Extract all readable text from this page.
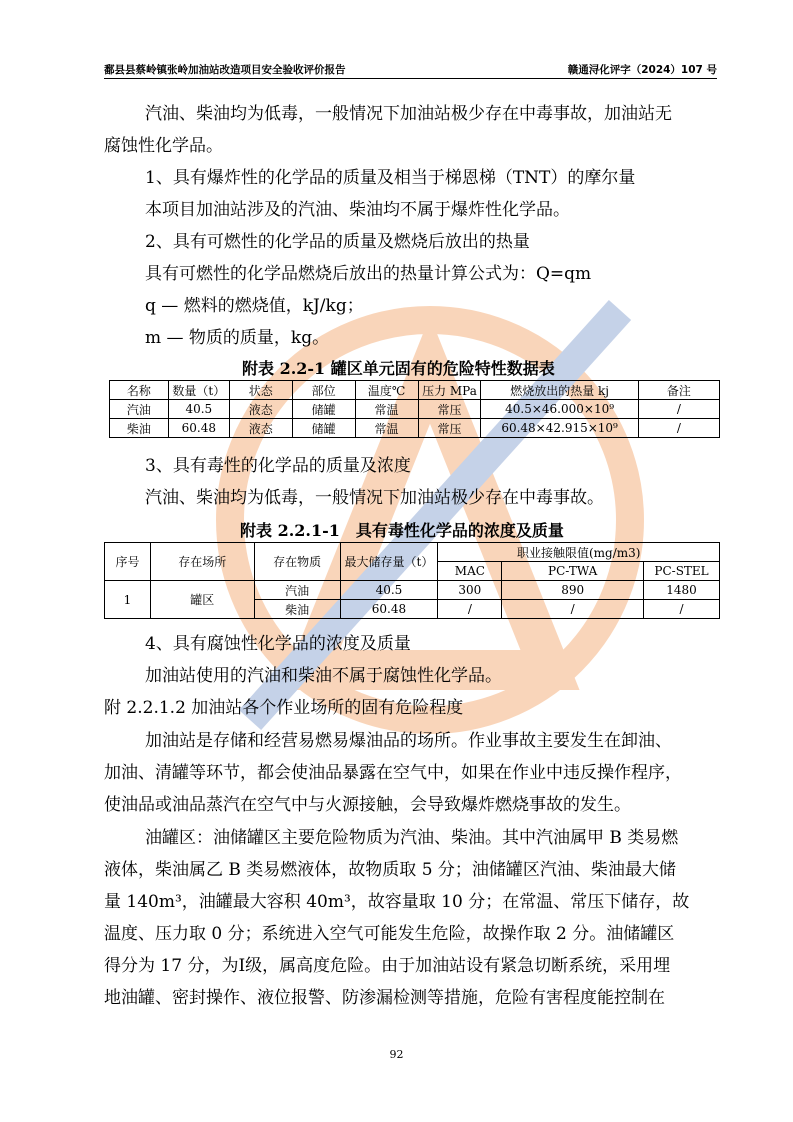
鄱县县蔡岭镇张岭加油站改造项目安全验收评价报告	赣通浔化评字（2024）107 号
汽油、柴油均为低毒，一般情况下加油站极少存在中毒事故，加油站无
腐蚀性化学品。
1、具有爆炸性的化学品的质量及相当于梯恩梯（TNT）的摩尔量
本项目加油站涉及的汽油、柴油均不属于爆炸性化学品。
2、具有可燃性的化学品的质量及燃烧后放出的热量
具有可燃性的化学品燃烧后放出的热量计算公式为：Q=qm
q — 燃料的燃烧值，kJ/kg；
m — 物质的质量，kg。
附表 2.2-1 罐区单元固有的危险特性数据表
名称	数量（t）	状态	部位	温度℃	压力 MPa	燃烧放出的热量 kj	备注
汽油	40.5	液态	储罐	常温	常压	40.5×46.000×10⁹	/
柴油	60.48	液态	储罐	常温	常压	60.48×42.915×10⁹	/
3、具有毒性的化学品的质量及浓度
汽油、柴油均为低毒，一般情况下加油站极少存在中毒事故。
附表 2.2.1-1　具有毒性化学品的浓度及质量
序号	存在场所	存在物质	最大储存量（t）	职业接触限值(mg/m3)		
				MAC	PC-TWA	PC-STEL
1	罐区	汽油	40.5	300	890	1480
		柴油	60.48	/	/	/
4、具有腐蚀性化学品的浓度及质量
加油站使用的汽油和柴油不属于腐蚀性化学品。
附 2.2.1.2 加油站各个作业场所的固有危险程度
加油站是存储和经营易燃易爆油品的场所。作业事故主要发生在卸油、
加油、清罐等环节，都会使油品暴露在空气中，如果在作业中违反操作程序，
使油品或油品蒸汽在空气中与火源接触，会导致爆炸燃烧事故的发生。
油罐区：油储罐区主要危险物质为汽油、柴油。其中汽油属甲 B 类易燃
液体，柴油属乙 B 类易燃液体，故物质取 5 分；油储罐区汽油、柴油最大储
量 140m³，油罐最大容积 40m³，故容量取 10 分；在常温、常压下储存，故
温度、压力取 0 分；系统进入空气可能发生危险，故操作取 2 分。油储罐区
得分为 17 分，为Ⅰ级，属高度危险。由于加油站设有紧急切断系统，采用埋
地油罐、密封操作、液位报警、防渗漏检测等措施，危险有害程度能控制在
92
